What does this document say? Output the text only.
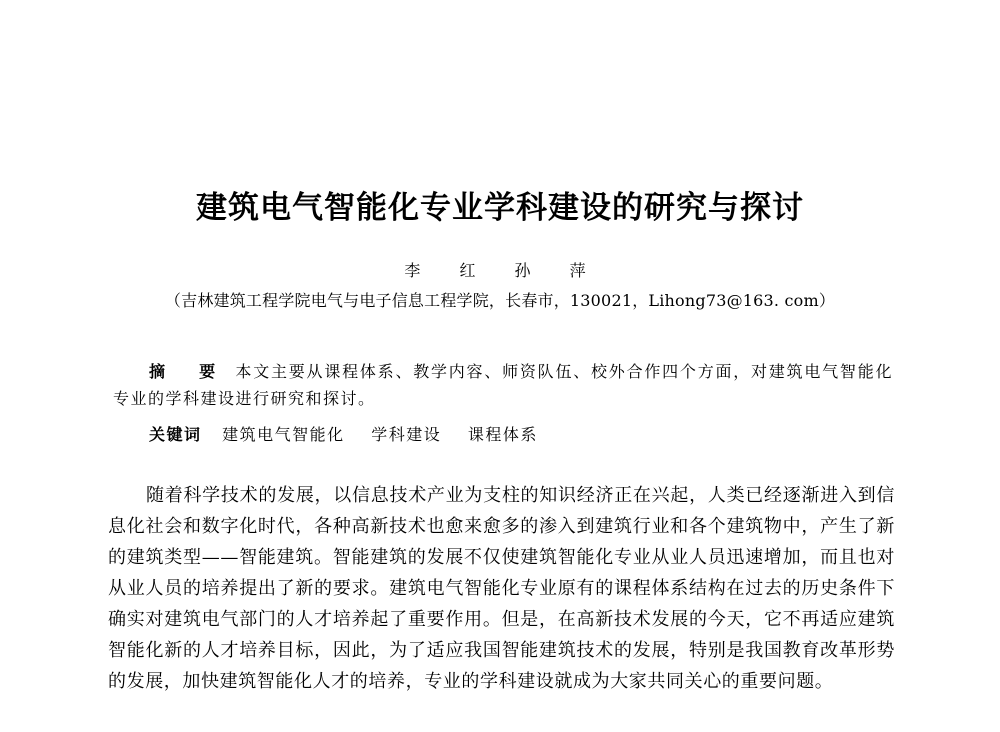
建筑电气智能化专业学科建设的研究与探讨
李 红 孙 萍
（吉林建筑工程学院电气与电子信息工程学院，长春市，130021，Lihong73@163. com）

摘 要 本文主要从课程体系、教学内容、师资队伍、校外合作四个方面，对建筑电气智能化专业的学科建设进行研究和探讨。

关键词 建筑电气智能化 学科建设 课程体系

随着科学技术的发展，以信息技术产业为支柱的知识经济正在兴起，人类已经逐渐进入到信息化社会和数字化时代，各种高新技术也愈来愈多的渗入到建筑行业和各个建筑物中，产生了新的建筑类型——智能建筑。智能建筑的发展不仅使建筑智能化专业从业人员迅速增加，而且也对从业人员的培养提出了新的要求。建筑电气智能化专业原有的课程体系结构在过去的历史条件下确实对建筑电气部门的人才培养起了重要作用。但是，在高新技术发展的今天，它不再适应建筑智能化新的人才培养目标，因此，为了适应我国智能建筑技术的发展，特别是我国教育改革形势的发展，加快建筑智能化人才的培养，专业的学科建设就成为大家共同关心的重要问题。
